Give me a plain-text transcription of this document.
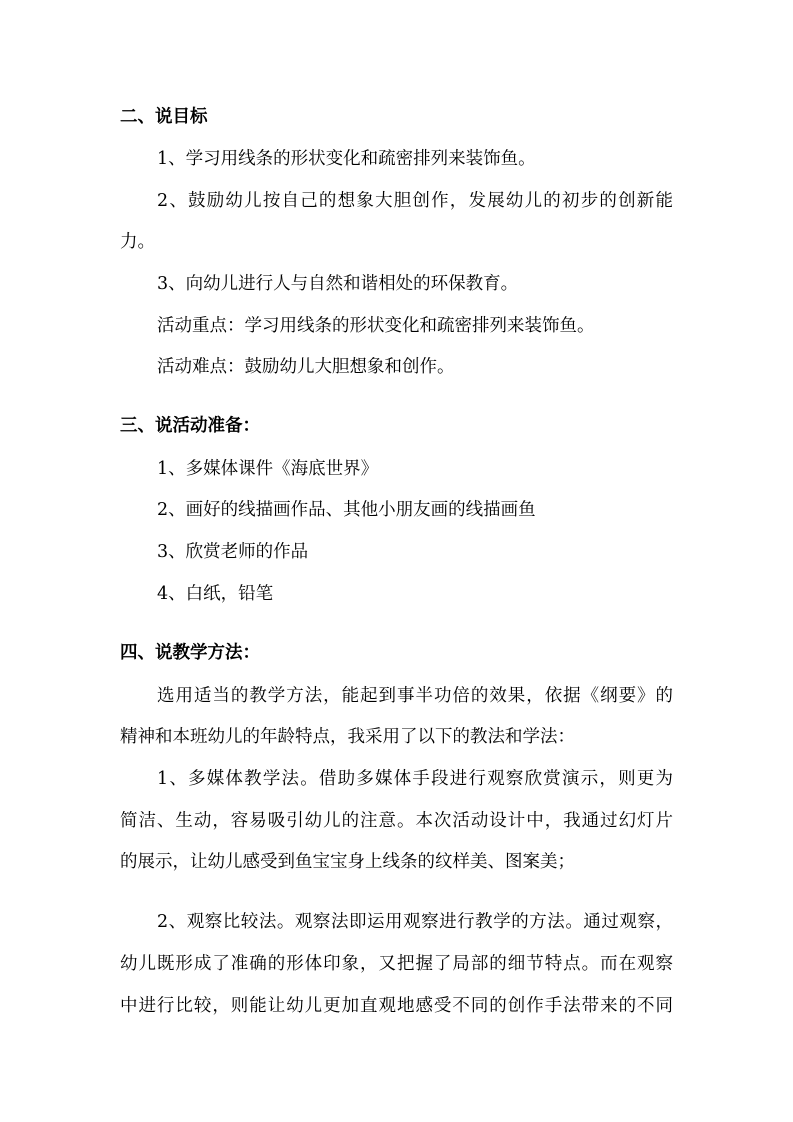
二、说目标
1、学习用线条的形状变化和疏密排列来装饰鱼。
2、鼓励幼儿按自己的想象大胆创作，发展幼儿的初步的创新能
力。
3、向幼儿进行人与自然和谐相处的环保教育。
活动重点：学习用线条的形状变化和疏密排列来装饰鱼。
活动难点：鼓励幼儿大胆想象和创作。
三、说活动准备：
1、多媒体课件《海底世界》
2、画好的线描画作品、其他小朋友画的线描画鱼
3、欣赏老师的作品
4、白纸，铅笔
四、说教学方法：
选用适当的教学方法，能起到事半功倍的效果，依据《纲要》的
精神和本班幼儿的年龄特点，我采用了以下的教法和学法：
1、多媒体教学法。借助多媒体手段进行观察欣赏演示，则更为
简洁、生动，容易吸引幼儿的注意。本次活动设计中，我通过幻灯片
的展示，让幼儿感受到鱼宝宝身上线条的纹样美、图案美；
2、观察比较法。观察法即运用观察进行教学的方法。通过观察，
幼儿既形成了准确的形体印象，又把握了局部的细节特点。而在观察
中进行比较，则能让幼儿更加直观地感受不同的创作手法带来的不同
